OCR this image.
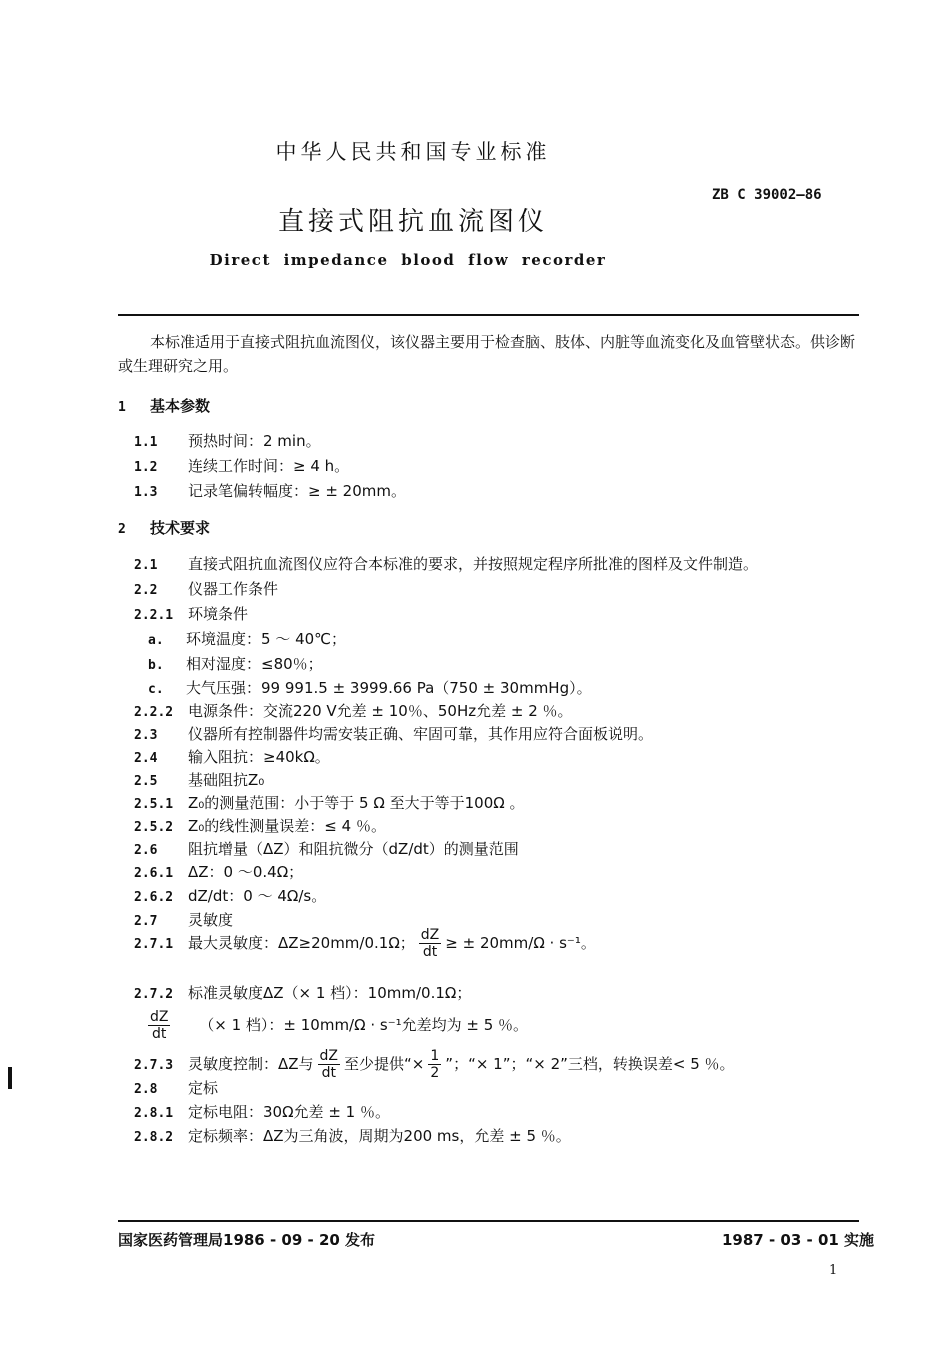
中华人民共和国专业标准
ZB C 39002—86
直接式阻抗血流图仪
Direct impedance blood flow recorder
本标准适用于直接式阻抗血流图仪，该仪器主要用于检查脑、肢体、内脏等血流变化及血管壁状态。供诊断或生理研究之用。
1 基本参数
1.1 预热时间：2 min。
1.2 连续工作时间：≥ 4 h。
1.3 记录笔偏转幅度：≥ ± 20mm。
2 技术要求
2.1 直接式阻抗血流图仪应符合本标准的要求，并按照规定程序所批准的图样及文件制造。
2.2 仪器工作条件
2.2.1 环境条件
a. 环境温度：5 ～ 40℃；
b. 相对湿度：≤80％；
c. 大气压强：99 991.5 ± 3999.66 Pa（750 ± 30mmHg）。
2.2.2 电源条件：交流220 V允差 ± 10％、50Hz允差 ± 2 ％。
2.3 仪器所有控制器件均需安装正确、牢固可靠，其作用应符合面板说明。
2.4 输入阻抗：≥40kΩ。
2.5 基础阻抗Z₀
2.5.1 Z₀的测量范围：小于等于 5 Ω 至大于等于100Ω 。
2.5.2 Z₀的线性测量误差：≤ 4 ％。
2.6 阻抗增量（ΔZ）和阻抗微分（dZ/dt）的测量范围
2.6.1 ΔZ：0 ～0.4Ω；
2.6.2 dZ/dt：0 ～ 4Ω/s。
2.7 灵敏度
2.7.1 最大灵敏度：ΔZ≥20mm/0.1Ω； $\frac{dZ}{dt}$ ≥ ± 20mm/Ω · s⁻¹。
2.7.2 标准灵敏度ΔZ（× 1 档）：10mm/0.1Ω；
$\frac{dZ}{dt}$ （× 1 档）：± 10mm/Ω · s⁻¹允差均为 ± 5 ％。
2.7.3 灵敏度控制：ΔZ与 $\frac{dZ}{dt}$ 至少提供“× $\frac{1}{2}$ ”；“× 1”；“× 2”三档，转换误差< 5 ％。
2.8 定标
2.8.1 定标电阻：30Ω允差 ± 1 ％。
2.8.2 定标频率：ΔZ为三角波，周期为200 ms，允差 ± 5 ％。
国家医药管理局1986 - 09 - 20 发布	1987 - 03 - 01 实施
1
